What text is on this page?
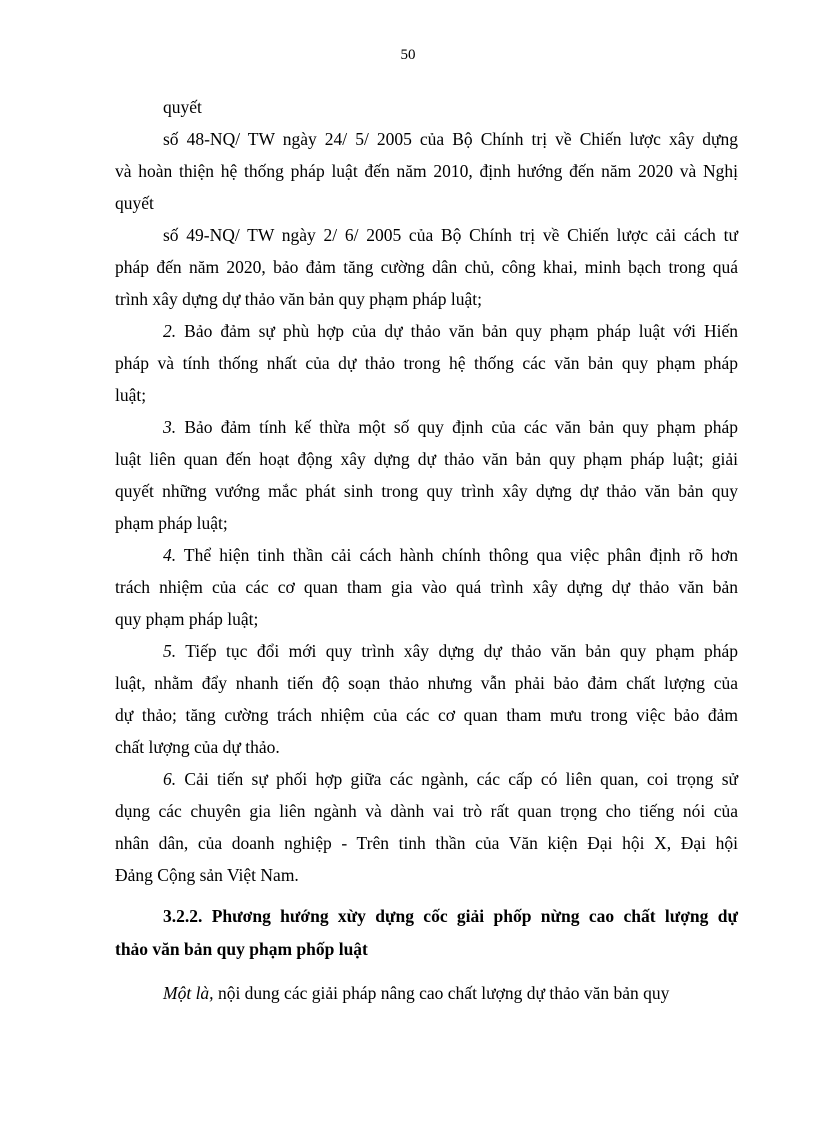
50
quyết
số 48-NQ/ TW ngày 24/ 5/ 2005 của Bộ Chính trị về Chiến lược xây dựng
và hoàn thiện hệ thống pháp luật đến năm 2010, định hướng đến năm 2020 và Nghị
quyết
số 49-NQ/ TW ngày 2/ 6/ 2005 của Bộ Chính trị về Chiến lược cải cách tư
pháp đến năm 2020, bảo đảm tăng cường dân chủ, công khai, minh bạch trong quá
trình xây dựng dự thảo văn bản quy phạm pháp luật;
2. Bảo đảm sự phù hợp của dự thảo văn bản quy phạm pháp luật với Hiến
pháp và tính thống nhất của dự thảo trong hệ thống các văn bản quy phạm pháp
luật;
3. Bảo đảm tính kế thừa một số quy định của các văn bản quy phạm pháp
luật liên quan đến hoạt động xây dựng dự thảo văn bản quy phạm pháp luật; giải
quyết những vướng mắc phát sinh trong quy trình xây dựng dự thảo văn bản quy
phạm pháp luật;
4. Thể hiện tinh thần cải cách hành chính thông qua việc phân định rõ hơn
trách nhiệm của các cơ quan tham gia vào quá trình xây dựng dự thảo văn bản
quy phạm pháp luật;
5. Tiếp tục đổi mới quy trình xây dựng dự thảo văn bản quy phạm pháp
luật, nhằm đẩy nhanh tiến độ soạn thảo nhưng vẫn phải bảo đảm chất lượng của
dự thảo; tăng cường trách nhiệm của các cơ quan tham mưu trong việc bảo đảm
chất lượng của dự thảo.
6. Cải tiến sự phối hợp giữa các ngành, các cấp có liên quan, coi trọng sử
dụng các chuyên gia liên ngành và dành vai trò rất quan trọng cho tiếng nói của
nhân dân, của doanh nghiệp - Trên tinh thần của Văn kiện Đại hội X, Đại hội
Đảng Cộng sản Việt Nam.
3.2.2. Phương hướng xừy dựng cốc giải phốp nừng cao chất lượng dự
thảo văn bản quy phạm phốp luật
Một là, nội dung các giải pháp nâng cao chất lượng dự thảo văn bản quy
